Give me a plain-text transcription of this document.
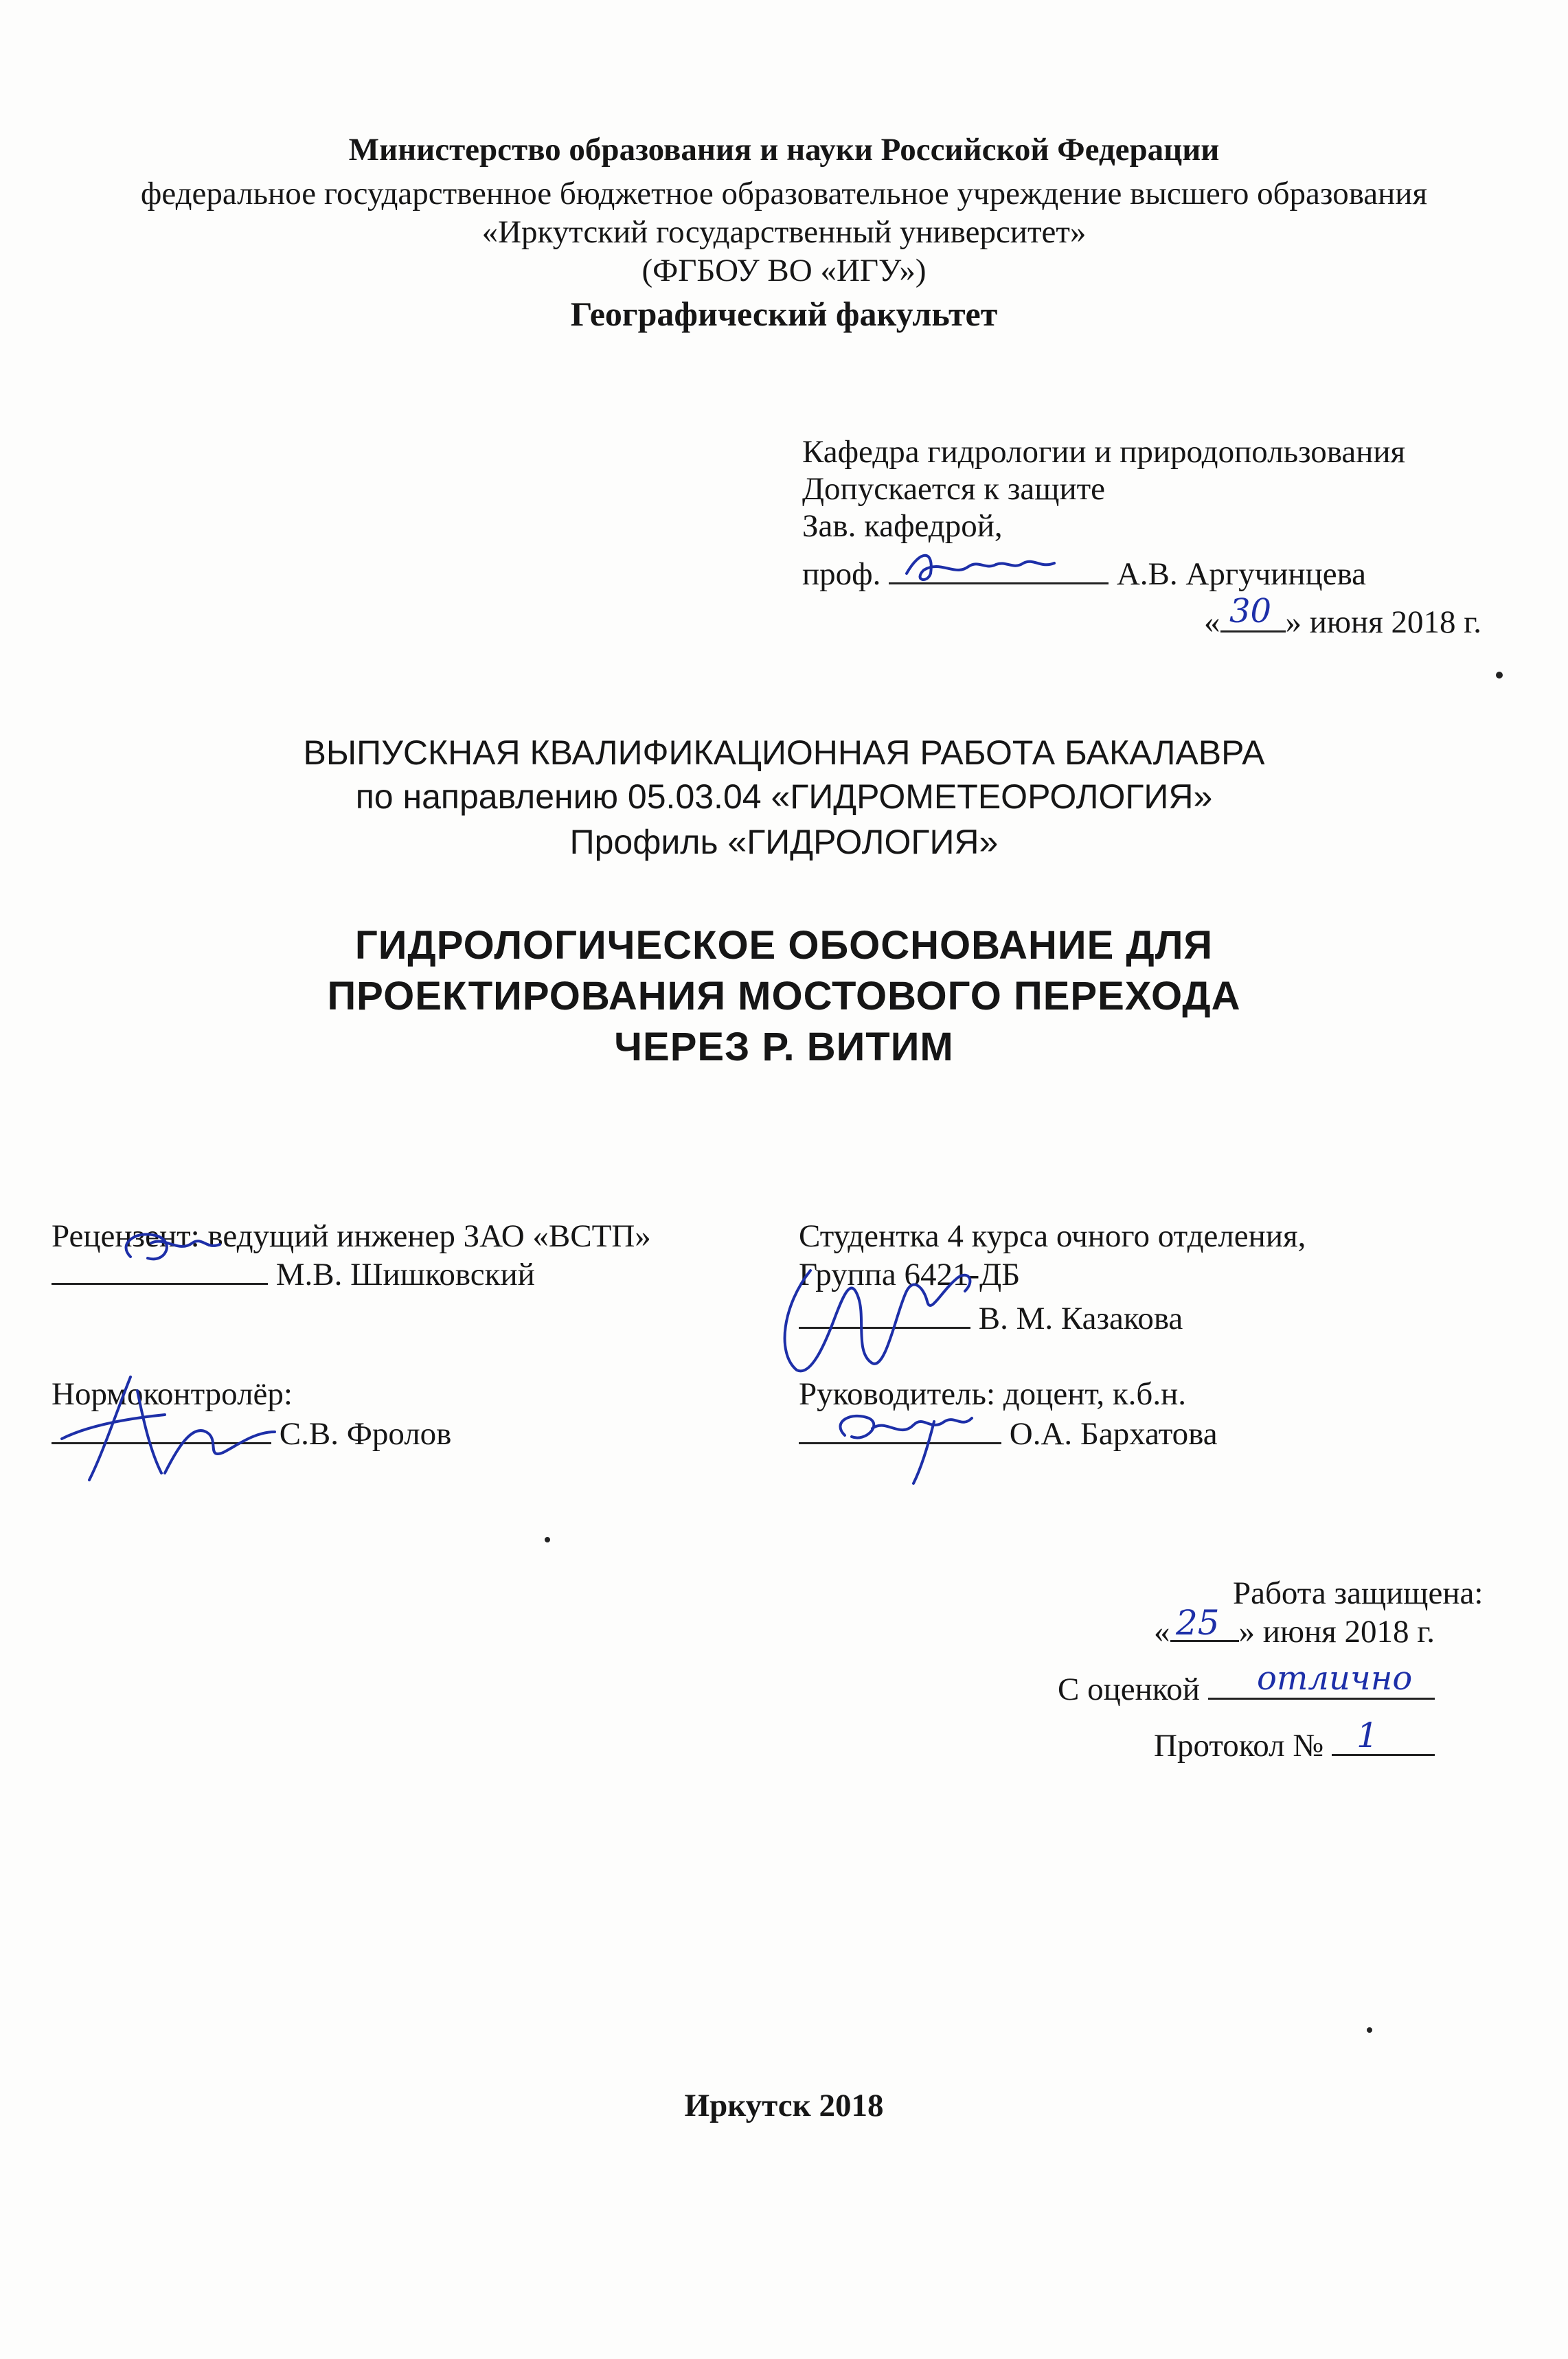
Министерство образования и науки Российской Федерации
федеральное государственное бюджетное образовательное учреждение высшего образования
«Иркутский государственный университет»
(ФГБОУ ВО «ИГУ»)
Географический факультет
Кафедра гидрологии и природопользования
Допускается к защите
Зав. кафедрой,
проф.	А.В. Аргучинцева
« » июня 2018 г.
30
ВЫПУСКНАЯ КВАЛИФИКАЦИОННАЯ РАБОТА БАКАЛАВРА
по направлению 05.03.04 «ГИДРОМЕТЕОРОЛОГИЯ»
Профиль «ГИДРОЛОГИЯ»
ГИДРОЛОГИЧЕСКОЕ ОБОСНОВАНИЕ ДЛЯ
ПРОЕКТИРОВАНИЯ МОСТОВОГО ПЕРЕХОДА
ЧЕРЕЗ Р. ВИТИМ
Рецензент: ведущий инженер ЗАО «ВСТП»
М.В. Шишковский
Студентка 4 курса очного отделения,
Группа 6421-ДБ
В. М. Казакова
Нормоконтролёр:
С.В. Фролов
Руководитель: доцент, к.б.н.
О.А. Бархатова
Работа защищена:
« » июня 2018 г.
25
С оценкой	отлично
Протокол № 1
Иркутск 2018
